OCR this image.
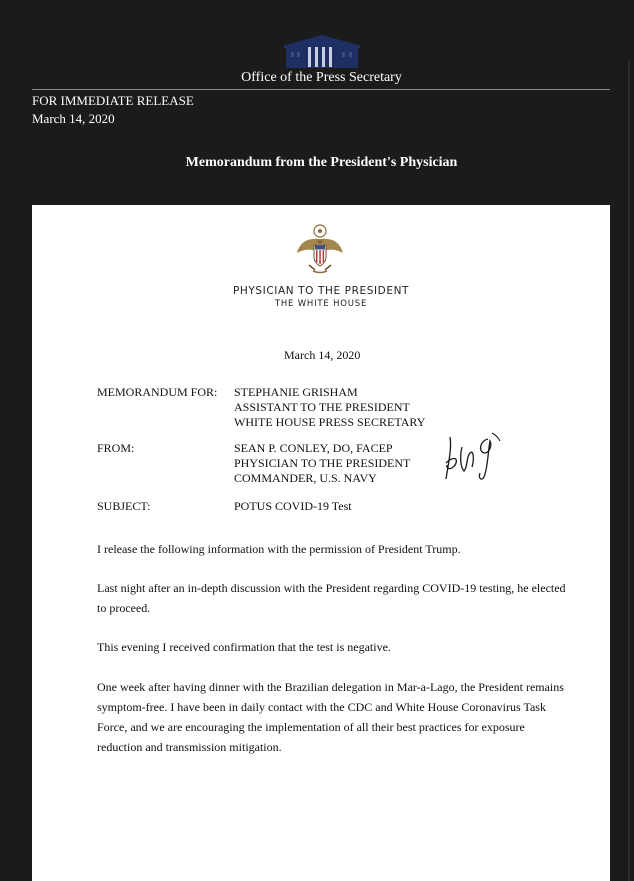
Office of the Press Secretary
FOR IMMEDIATE RELEASE
March 14, 2020
Memorandum from the President's Physician
PHYSICIAN TO THE PRESIDENT
THE WHITE HOUSE
March 14, 2020
MEMORANDUM FOR: STEPHANIE GRISHAM
ASSISTANT TO THE PRESIDENT
WHITE HOUSE PRESS SECRETARY
FROM:	SEAN P. CONLEY, DO, FACEP
PHYSICIAN TO THE PRESIDENT
COMMANDER, U.S. NAVY
SUBJECT:	POTUS COVID-19 Test
I release the following information with the permission of President Trump.
Last night after an in-depth discussion with the President regarding COVID-19 testing, he elected to proceed.
This evening I received confirmation that the test is negative.
One week after having dinner with the Brazilian delegation in Mar-a-Lago, the President remains symptom-free. I have been in daily contact with the CDC and White House Coronavirus Task Force, and we are encouraging the implementation of all their best practices for exposure reduction and transmission mitigation.
